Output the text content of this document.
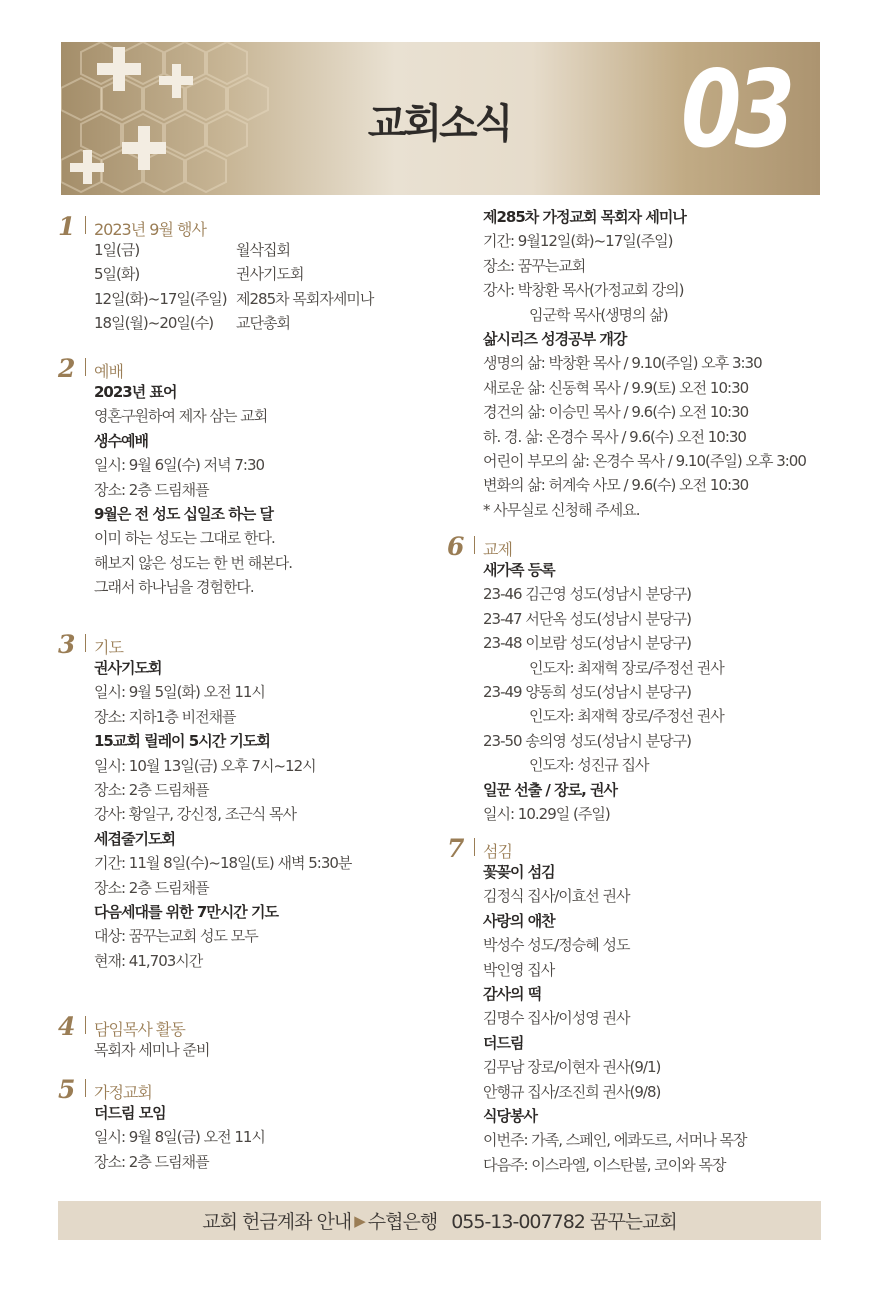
교회소식 03
1	2023년 9월 행사
1일(금)	월삭집회
5일(화)	권사기도회
12일(화)~17일(주일) 제285차 목회자세미나
18일(월)~20일(수)	교단총회
2	예배
2023년 표어
영혼구원하여 제자 삼는 교회
생수예배
일시: 9월 6일(수) 저녁 7:30
장소: 2층 드림채플
9월은 전 성도 십일조 하는 달
이미 하는 성도는 그대로 한다.
해보지 않은 성도는 한 번 해본다.
그래서 하나님을 경험한다.
3	기도
권사기도회
일시: 9월 5일(화) 오전 11시
장소: 지하1층 비전채플
15교회 릴레이 5시간 기도회
일시: 10월 13일(금) 오후 7시~12시
장소: 2층 드림채플
강사: 황일구, 강신정, 조근식 목사
세겹줄기도회
기간: 11월 8일(수)~18일(토) 새벽 5:30분
장소: 2층 드림채플
다음세대를 위한 7만시간 기도
대상: 꿈꾸는교회 성도 모두
현재: 41,703시간
4	담임목사 활동
목회자 세미나 준비
5	가정교회
더드림 모임
일시: 9월 8일(금) 오전 11시
장소: 2층 드림채플
제285차 가정교회 목회자 세미나
기간: 9월12일(화)~17일(주일)
장소: 꿈꾸는교회
강사: 박창환 목사(가정교회 강의)
임군학 목사(생명의 삶)
삶시리즈 성경공부 개강
생명의 삶: 박창환 목사 / 9.10(주일) 오후 3:30
새로운 삶: 신동혁 목사 / 9.9(토) 오전 10:30
경건의 삶: 이승민 목사 / 9.6(수) 오전 10:30
하. 경. 삶: 온경수 목사 / 9.6(수) 오전 10:30
어린이 부모의 삶: 온경수 목사 / 9.10(주일) 오후 3:00
변화의 삶: 허계숙 사모 / 9.6(수) 오전 10:30
* 사무실로 신청해 주세요.
6	교제
새가족 등록
23-46 김근영 성도(성남시 분당구)
23-47 서단옥 성도(성남시 분당구)
23-48 이보람 성도(성남시 분당구)
인도자: 최재혁 장로/주정선 권사
23-49 양동희 성도(성남시 분당구)
인도자: 최재혁 장로/주정선 권사
23-50 송의영 성도(성남시 분당구)
인도자: 성진규 집사
일꾼 선출 / 장로, 권사
일시: 10.29일 (주일)
7	섬김
꽃꽂이 섬김
김정식 집사/이효선 권사
사랑의 애찬
박성수 성도/정승혜 성도
박인영 집사
감사의 떡
김명수 집사/이성영 권사
더드림
김무남 장로/이현자 권사(9/1)
안행규 집사/조진희 권사(9/8)
식당봉사
이번주: 가족, 스페인, 에콰도르, 서머나 목장
다음주: 이스라엘, 이스탄불, 코이와 목장
교회 헌금계좌 안내 ▶ 수협은행 055-13-007782 꿈꾸는교회
